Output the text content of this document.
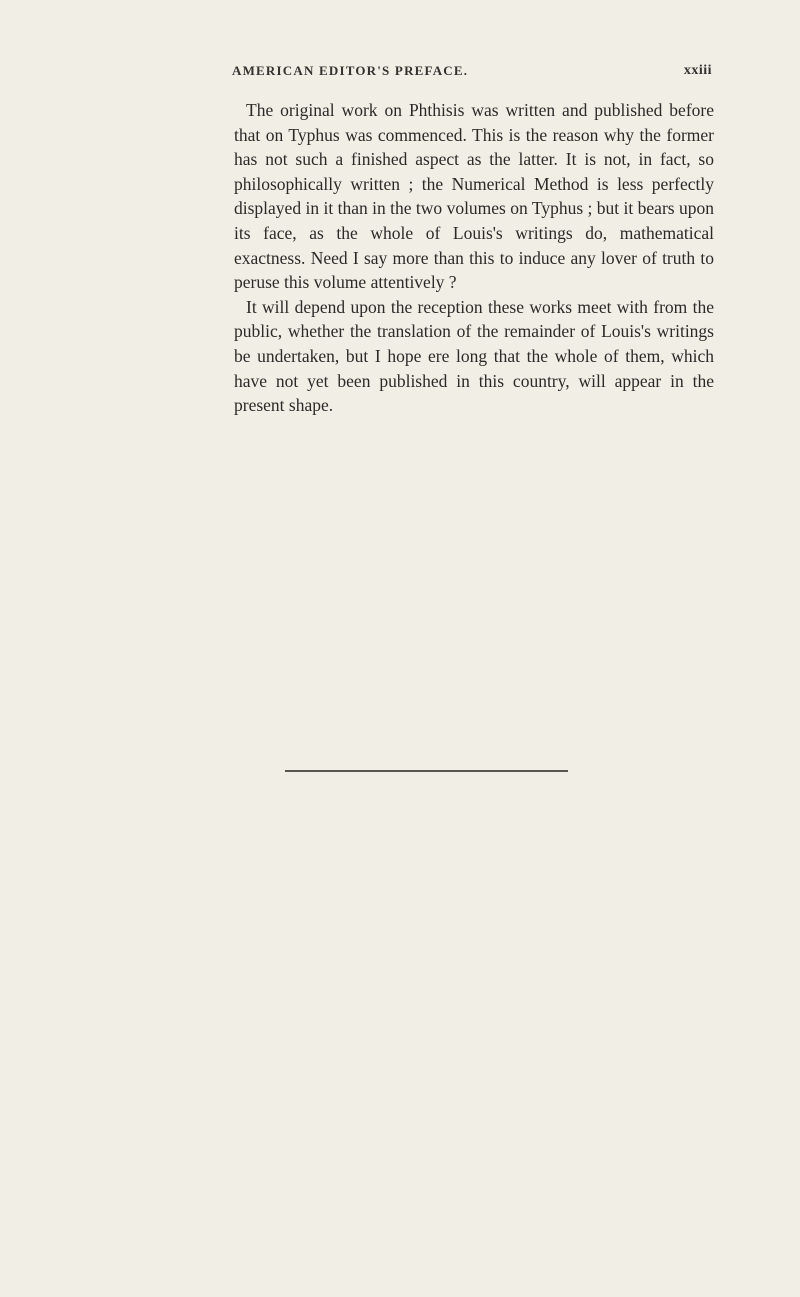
AMERICAN EDITOR'S PREFACE.	xxiii

The original work on Phthisis was written and published before that on Typhus was commenced. This is the reason why the former has not such a finished aspect as the latter. It is not, in fact, so philosophically written ; the Numerical Method is less perfectly displayed in it than in the two volumes on Typhus ; but it bears upon its face, as the whole of Louis's writings do, mathematical exactness. Need I say more than this to induce any lover of truth to peruse this volume attentively ?

It will depend upon the reception these works meet with from the public, whether the translation of the remainder of Louis's writings be undertaken, but I hope ere long that the whole of them, which have not yet been published in this country, will appear in the present shape.
